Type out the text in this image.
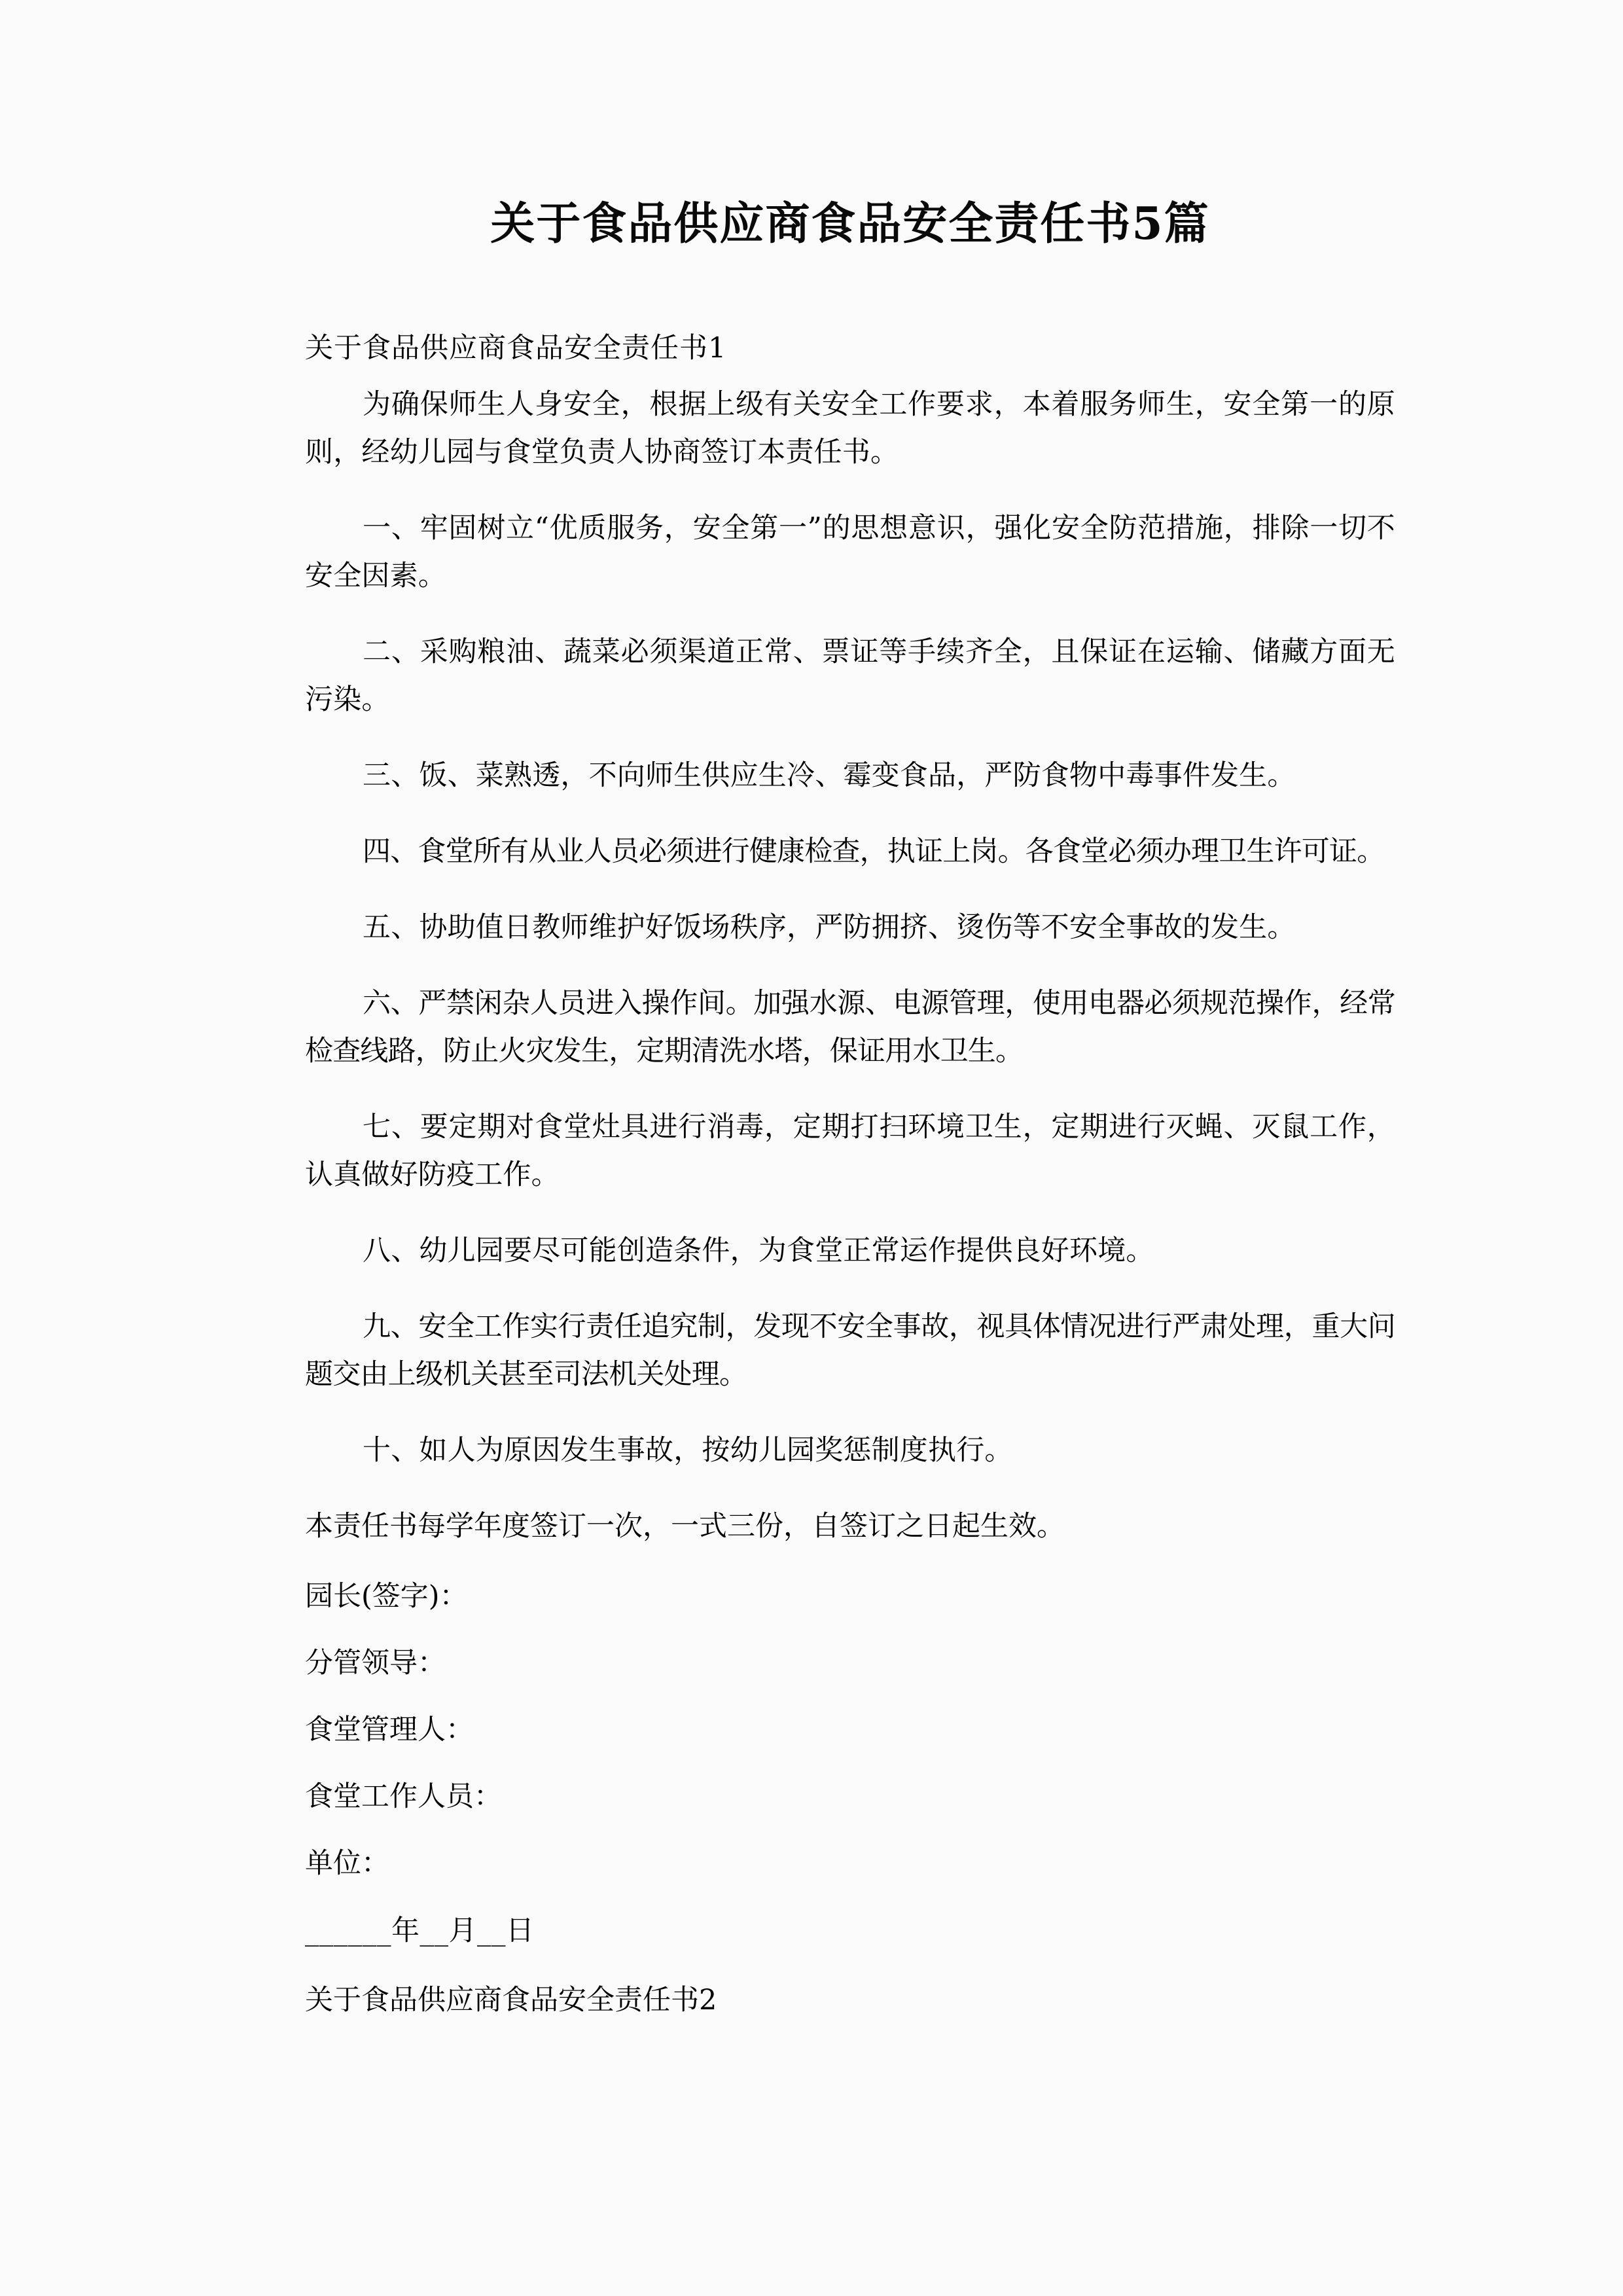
关于食品供应商食品安全责任书5篇
关于食品供应商食品安全责任书1

为确保师生人身安全，根据上级有关安全工作要求，本着服务师生，安全第一的原则，经幼儿园与食堂负责人协商签订本责任书。

一、牢固树立“优质服务，安全第一”的思想意识，强化安全防范措施，排除一切不安全因素。

二、采购粮油、蔬菜必须渠道正常、票证等手续齐全，且保证在运输、储藏方面无污染。

三、饭、菜熟透，不向师生供应生冷、霉变食品，严防食物中毒事件发生。

四、食堂所有从业人员必须进行健康检查，执证上岗。各食堂必须办理卫生许可证。

五、协助值日教师维护好饭场秩序，严防拥挤、烫伤等不安全事故的发生。

六、严禁闲杂人员进入操作间。加强水源、电源管理，使用电器必须规范操作，经常检查线路，防止火灾发生，定期清洗水塔，保证用水卫生。

七、要定期对食堂灶具进行消毒，定期打扫环境卫生，定期进行灭蝇、灭鼠工作，认真做好防疫工作。

八、幼儿园要尽可能创造条件，为食堂正常运作提供良好环境。

九、安全工作实行责任追究制，发现不安全事故，视具体情况进行严肃处理，重大问题交由上级机关甚至司法机关处理。

十、如人为原因发生事故，按幼儿园奖惩制度执行。

本责任书每学年度签订一次，一式三份，自签订之日起生效。
园长(签字)：
分管领导：
食堂管理人：
食堂工作人员：
单位：
______年__月__日
关于食品供应商食品安全责任书2
